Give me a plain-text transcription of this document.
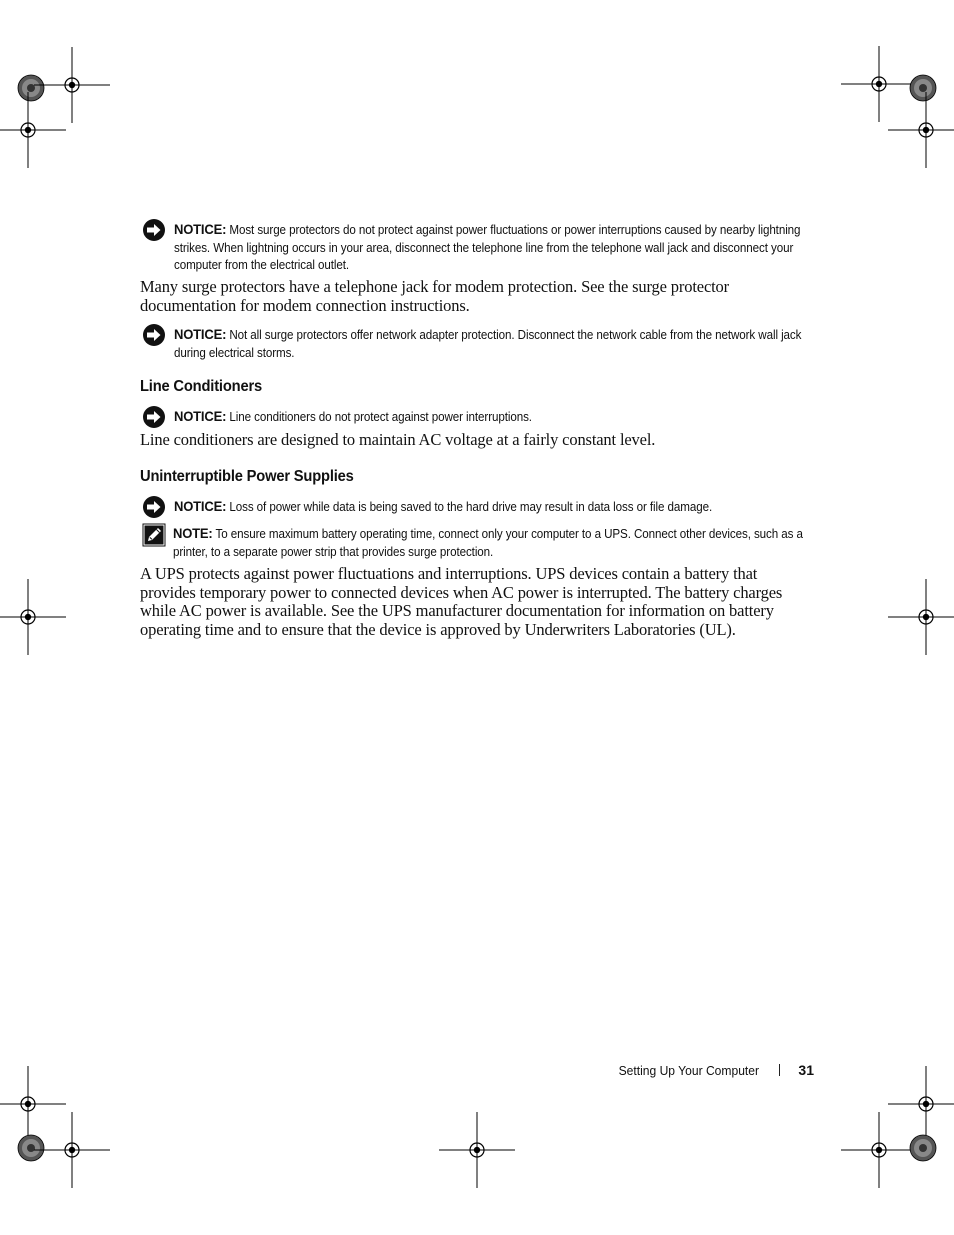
NOTICE: Most surge protectors do not protect against power fluctuations or power interruptions caused by nearby lightning strikes. When lightning occurs in your area, disconnect the telephone line from the telephone wall jack and disconnect your computer from the electrical outlet.
Many surge protectors have a telephone jack for modem protection. See the surge protector documentation for modem connection instructions.
NOTICE: Not all surge protectors offer network adapter protection. Disconnect the network cable from the network wall jack during electrical storms.
Line Conditioners
NOTICE: Line conditioners do not protect against power interruptions.
Line conditioners are designed to maintain AC voltage at a fairly constant level.
Uninterruptible Power Supplies
NOTICE: Loss of power while data is being saved to the hard drive may result in data loss or file damage.
NOTE: To ensure maximum battery operating time, connect only your computer to a UPS. Connect other devices, such as a printer, to a separate power strip that provides surge protection.
A UPS protects against power fluctuations and interruptions. UPS devices contain a battery that provides temporary power to connected devices when AC power is interrupted. The battery charges while AC power is available. See the UPS manufacturer documentation for information on battery operating time and to ensure that the device is approved by Underwriters Laboratories (UL).
Setting Up Your Computer	31
